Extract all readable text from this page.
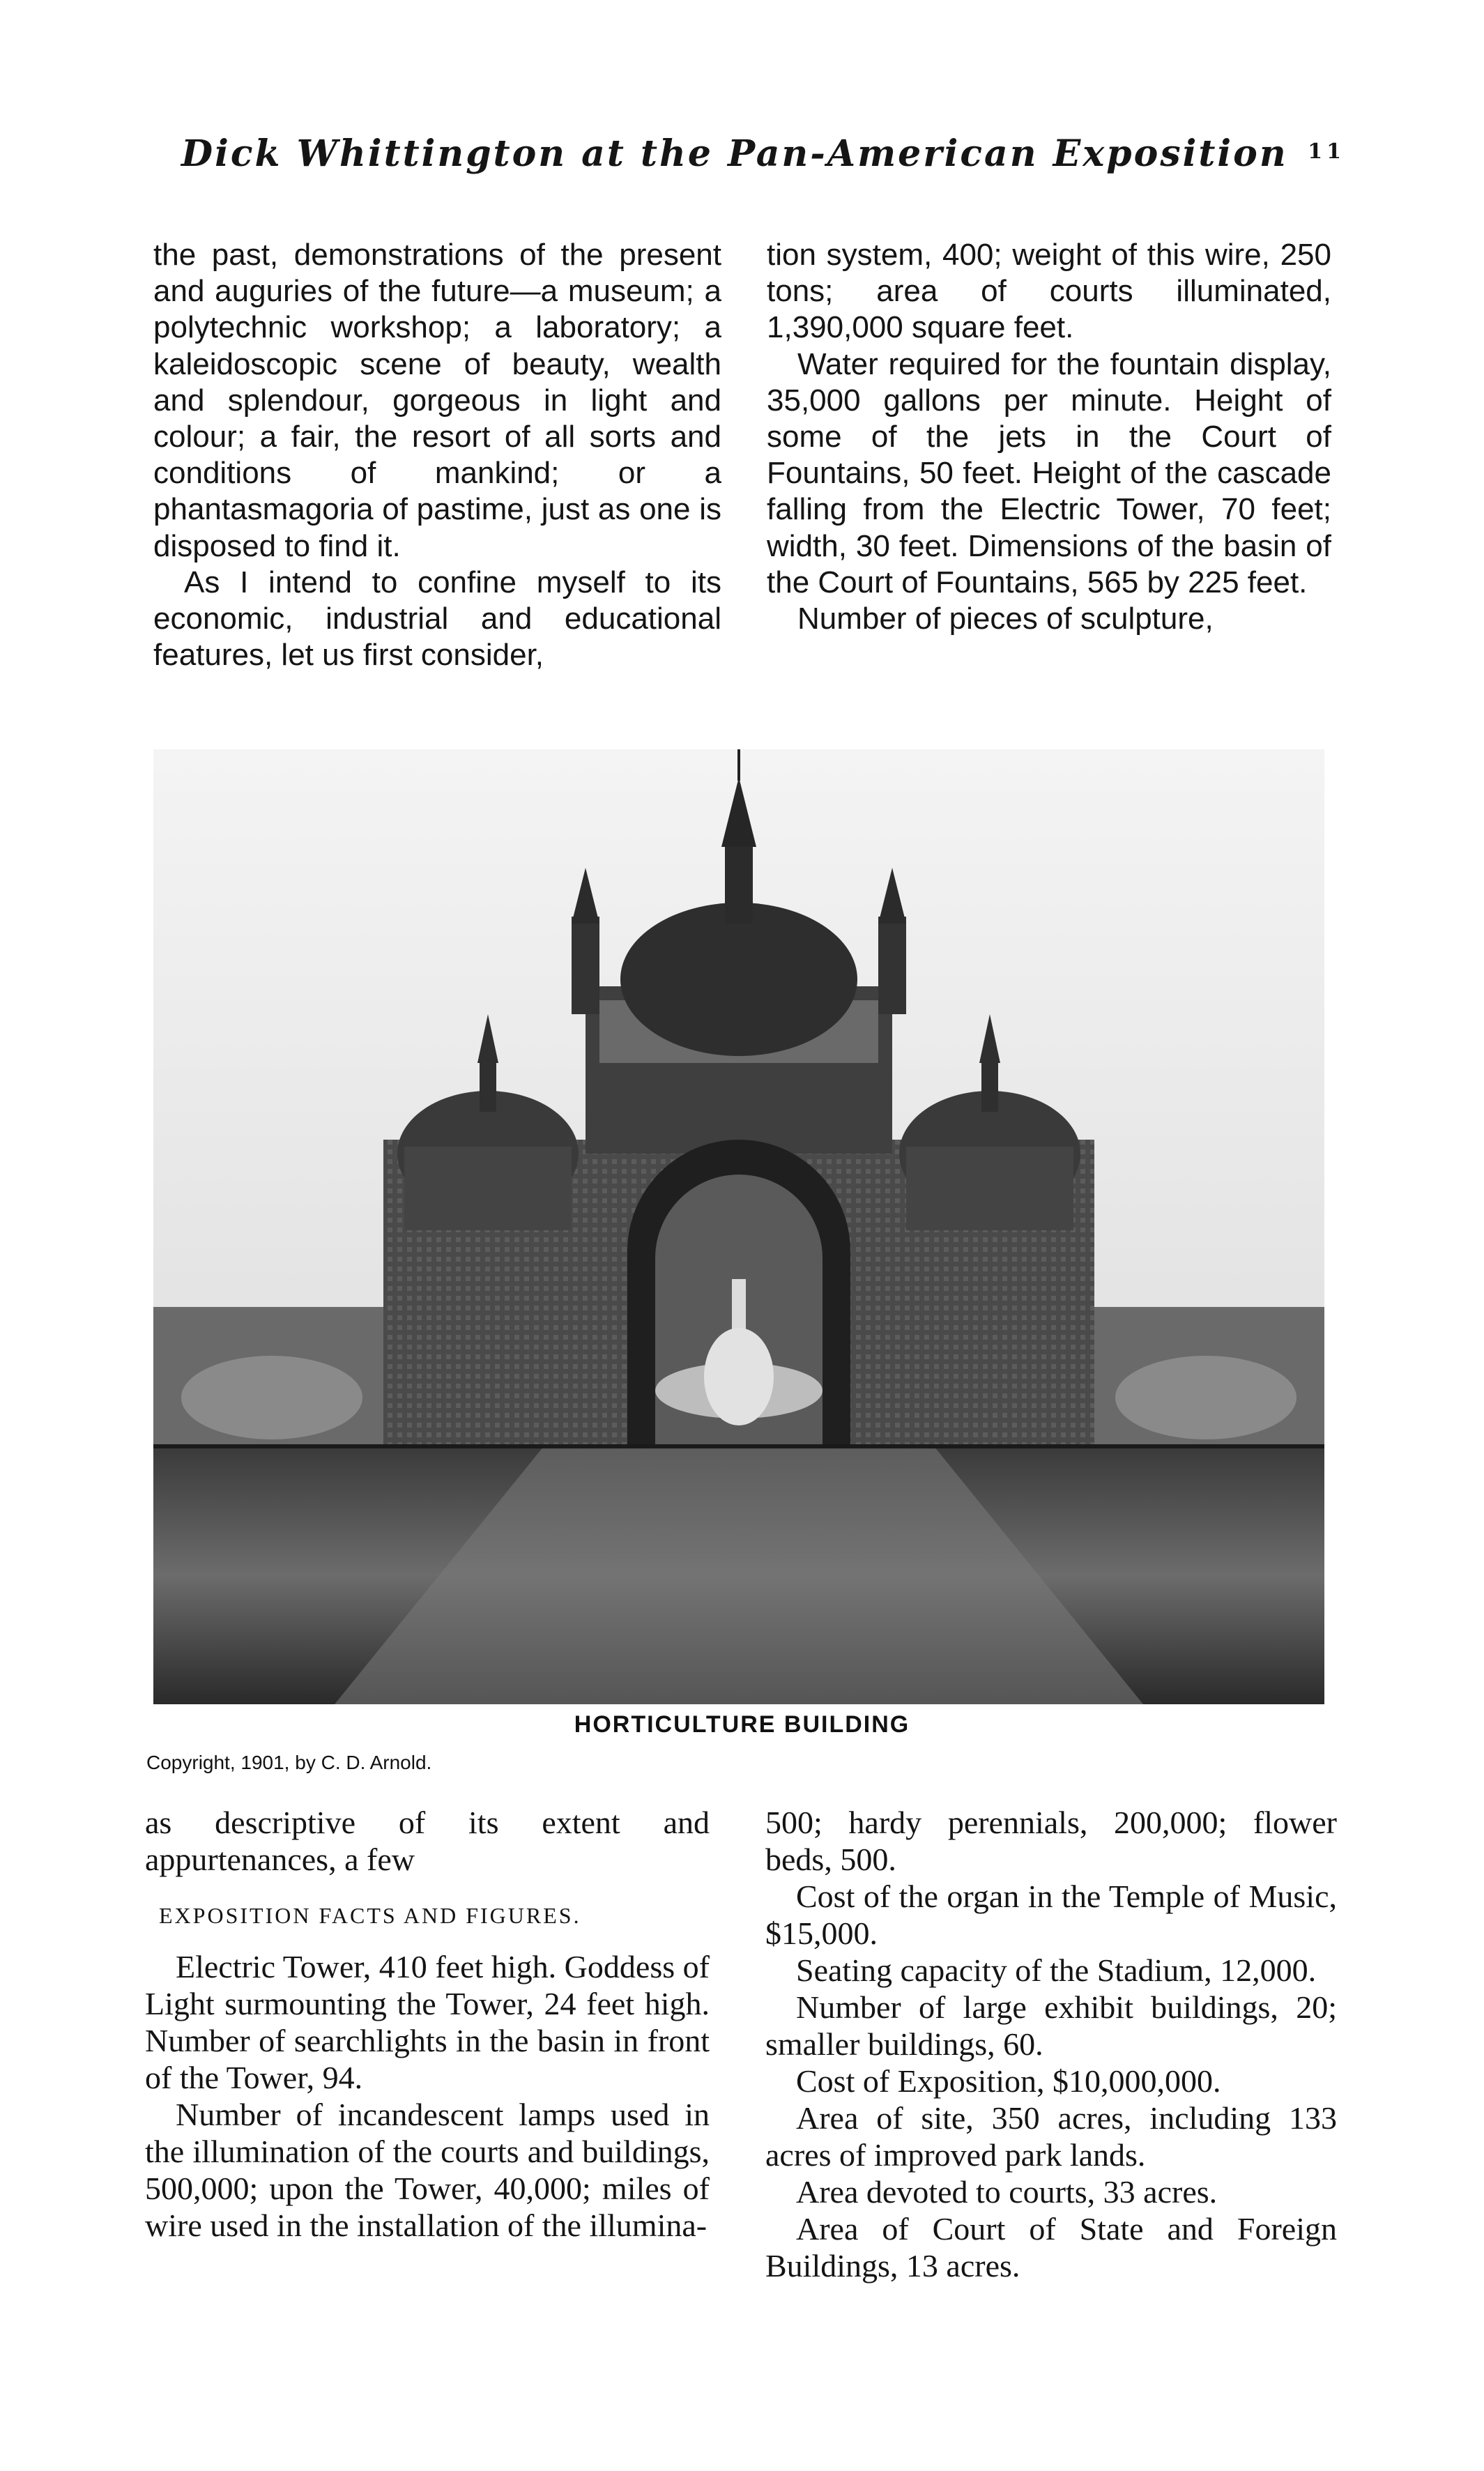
Dick Whittington at the Pan-American Exposition 11

the past, demonstrations of the present and auguries of the future—a museum; a polytechnic workshop; a laboratory; a kaleidoscopic scene of beauty, wealth and splendour, gorgeous in light and colour; a fair, the resort of all sorts and conditions of mankind; or a phantasmagoria of pastime, just as one is disposed to find it.

As I intend to confine myself to its economic, industrial and educational features, let us first consider,

tion system, 400; weight of this wire, 250 tons; area of courts illuminated, 1,390,000 square feet.

Water required for the fountain display, 35,000 gallons per minute. Height of some of the jets in the Court of Fountains, 50 feet. Height of the cascade falling from the Electric Tower, 70 feet; width, 30 feet. Dimensions of the basin of the Court of Fountains, 565 by 225 feet.

Number of pieces of sculpture,

HORTICULTURE BUILDING
Copyright, 1901, by C. D. Arnold.

as descriptive of its extent and appurtenances, a few

EXPOSITION FACTS AND FIGURES.

Electric Tower, 410 feet high. Goddess of Light surmounting the Tower, 24 feet high. Number of searchlights in the basin in front of the Tower, 94.

Number of incandescent lamps used in the illumination of the courts and buildings, 500,000; upon the Tower, 40,000; miles of wire used in the installation of the illumina-

500; hardy perennials, 200,000; flower beds, 500.

Cost of the organ in the Temple of Music, $15,000.

Seating capacity of the Stadium, 12,000.

Number of large exhibit buildings, 20; smaller buildings, 60.

Cost of Exposition, $10,000,000.

Area of site, 350 acres, including 133 acres of improved park lands.

Area devoted to courts, 33 acres.

Area of Court of State and Foreign Buildings, 13 acres.
